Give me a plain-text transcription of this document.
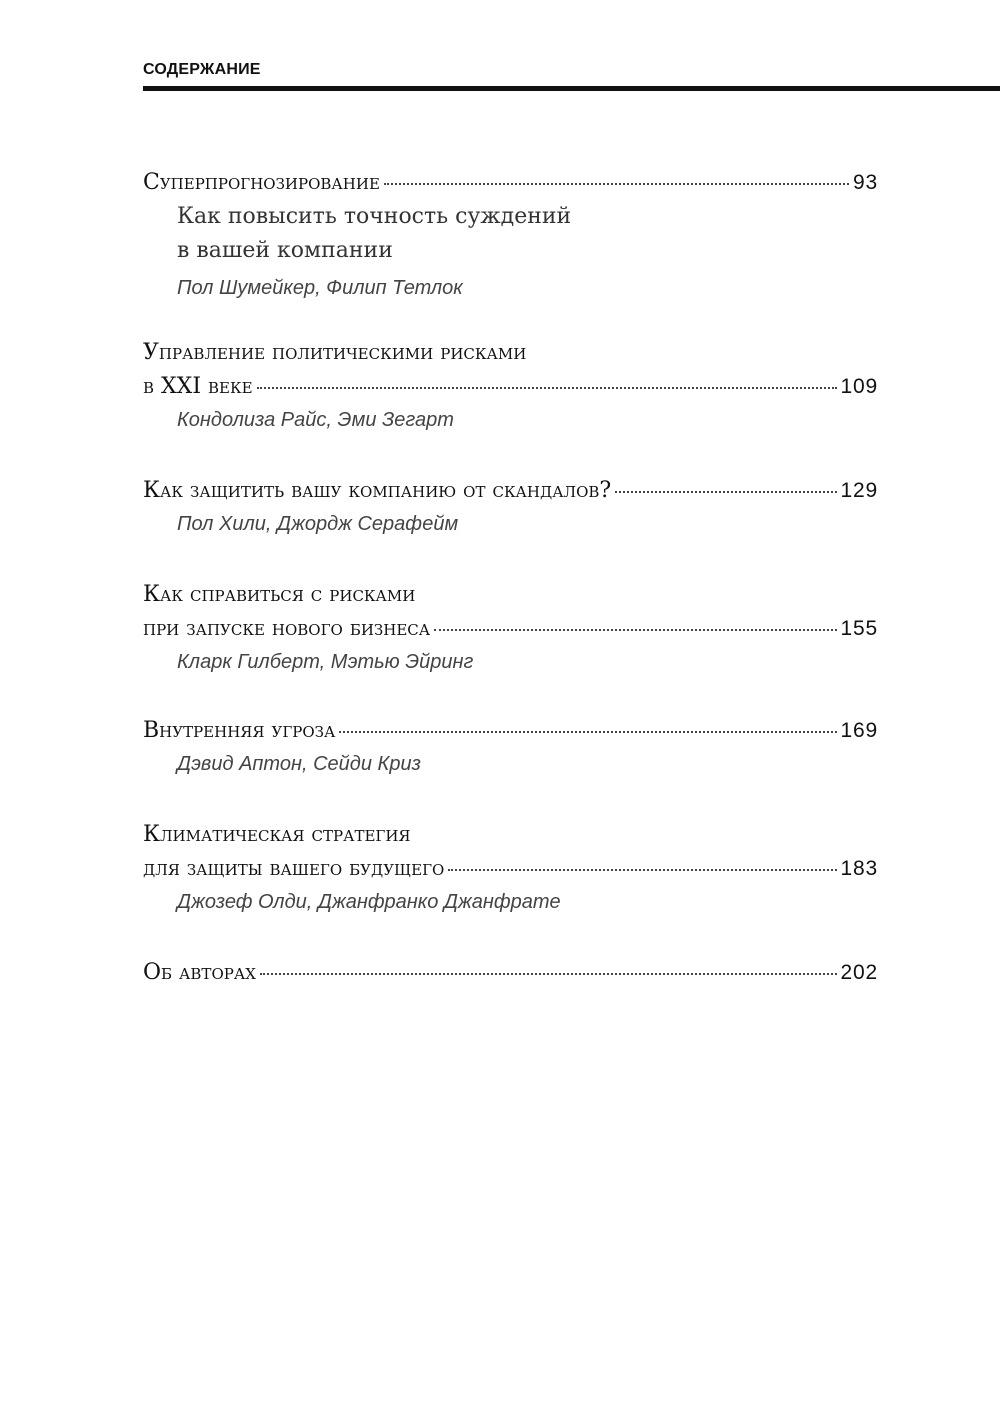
СОДЕРЖАНИЕ
Суперпрогнозирование	93
Как повысить точность суждений
в вашей компании
Пол Шумейкер, Филип Тетлок
Управление политическими рисками
в XXI веке	109
Кондолиза Райс, Эми Зегарт
Как защитить вашу компанию от скандалов?	129
Пол Хили, Джордж Серафейм
Как справиться с рисками
при запуске нового бизнеса	155
Кларк Гилберт, Мэтью Эйринг
Внутренняя угроза	169
Дэвид Аптон, Сейди Криз
Климатическая стратегия
для защиты вашего будущего	183
Джозеф Олди, Джанфранко Джанфрате
Об авторах	202
